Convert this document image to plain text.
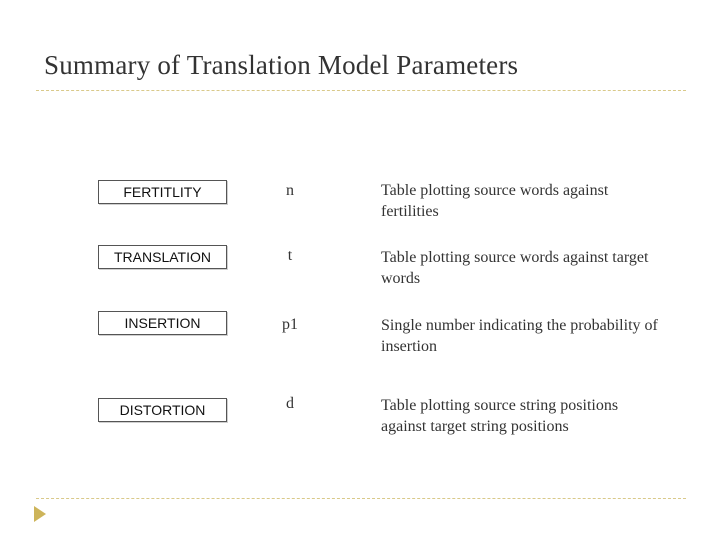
Summary of Translation Model Parameters
FERTITLITY	n	Table plotting source words against fertilities
TRANSLATION	t	Table plotting source words against target words
INSERTION	p1	Single number indicating the probability of insertion
DISTORTION	d	Table plotting source string positions against target string positions
